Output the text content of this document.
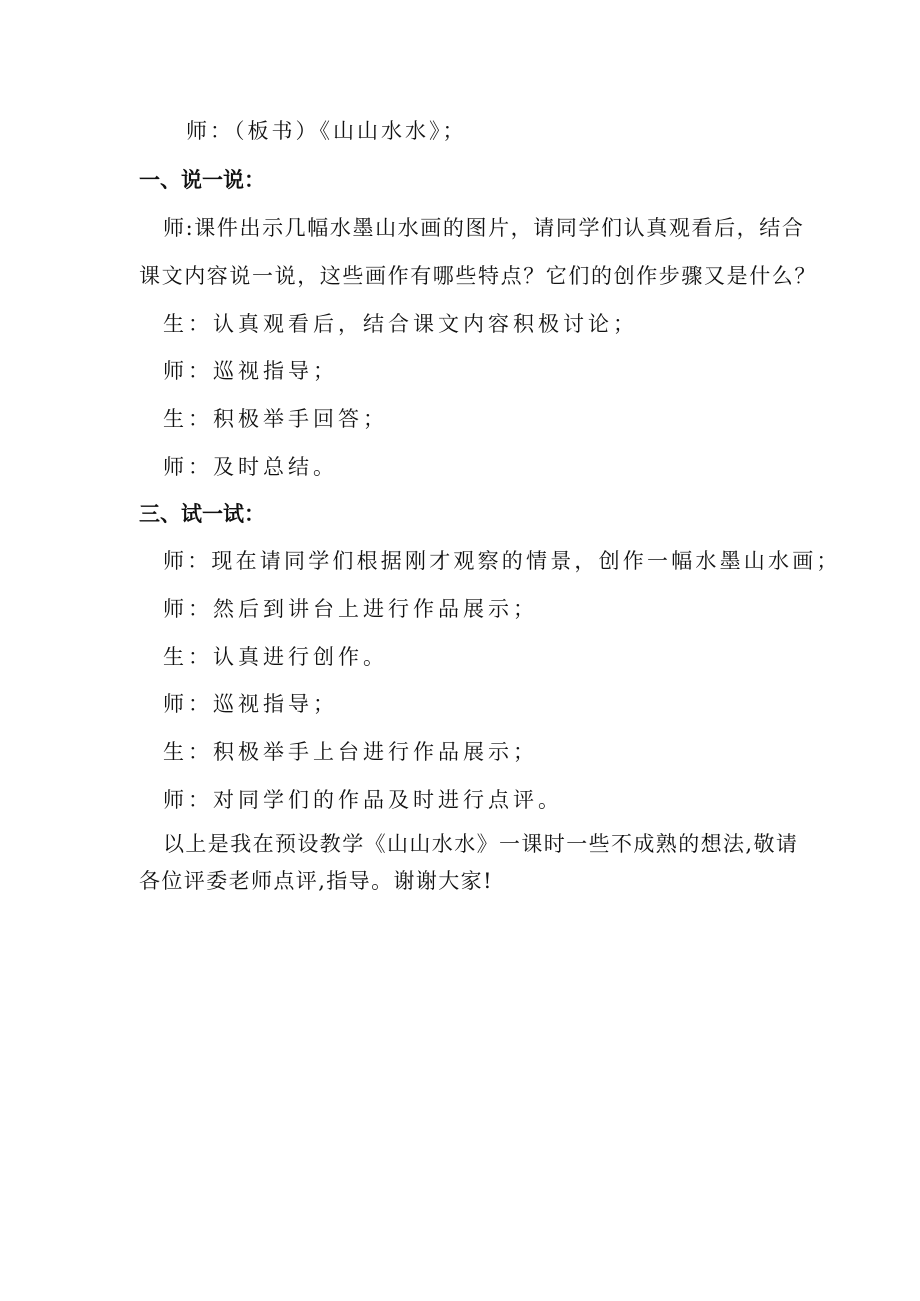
师：（板书）《山山水水》；
一、说一说：
师:课件出示几幅水墨山水画的图片，请同学们认真观看后，结合
课文内容说一说，这些画作有哪些特点？它们的创作步骤又是什么？
生：认真观看后，结合课文内容积极讨论；
师：巡视指导；
生：积极举手回答；
师：及时总结。
三、试一试：
师：现在请同学们根据刚才观察的情景，创作一幅水墨山水画；
师：然后到讲台上进行作品展示；
生：认真进行创作。
师：巡视指导；
生：积极举手上台进行作品展示；
师：对同学们的作品及时进行点评。
以上是我在预设教学《山山水水》一课时一些不成熟的想法,敬请
各位评委老师点评,指导。谢谢大家!
